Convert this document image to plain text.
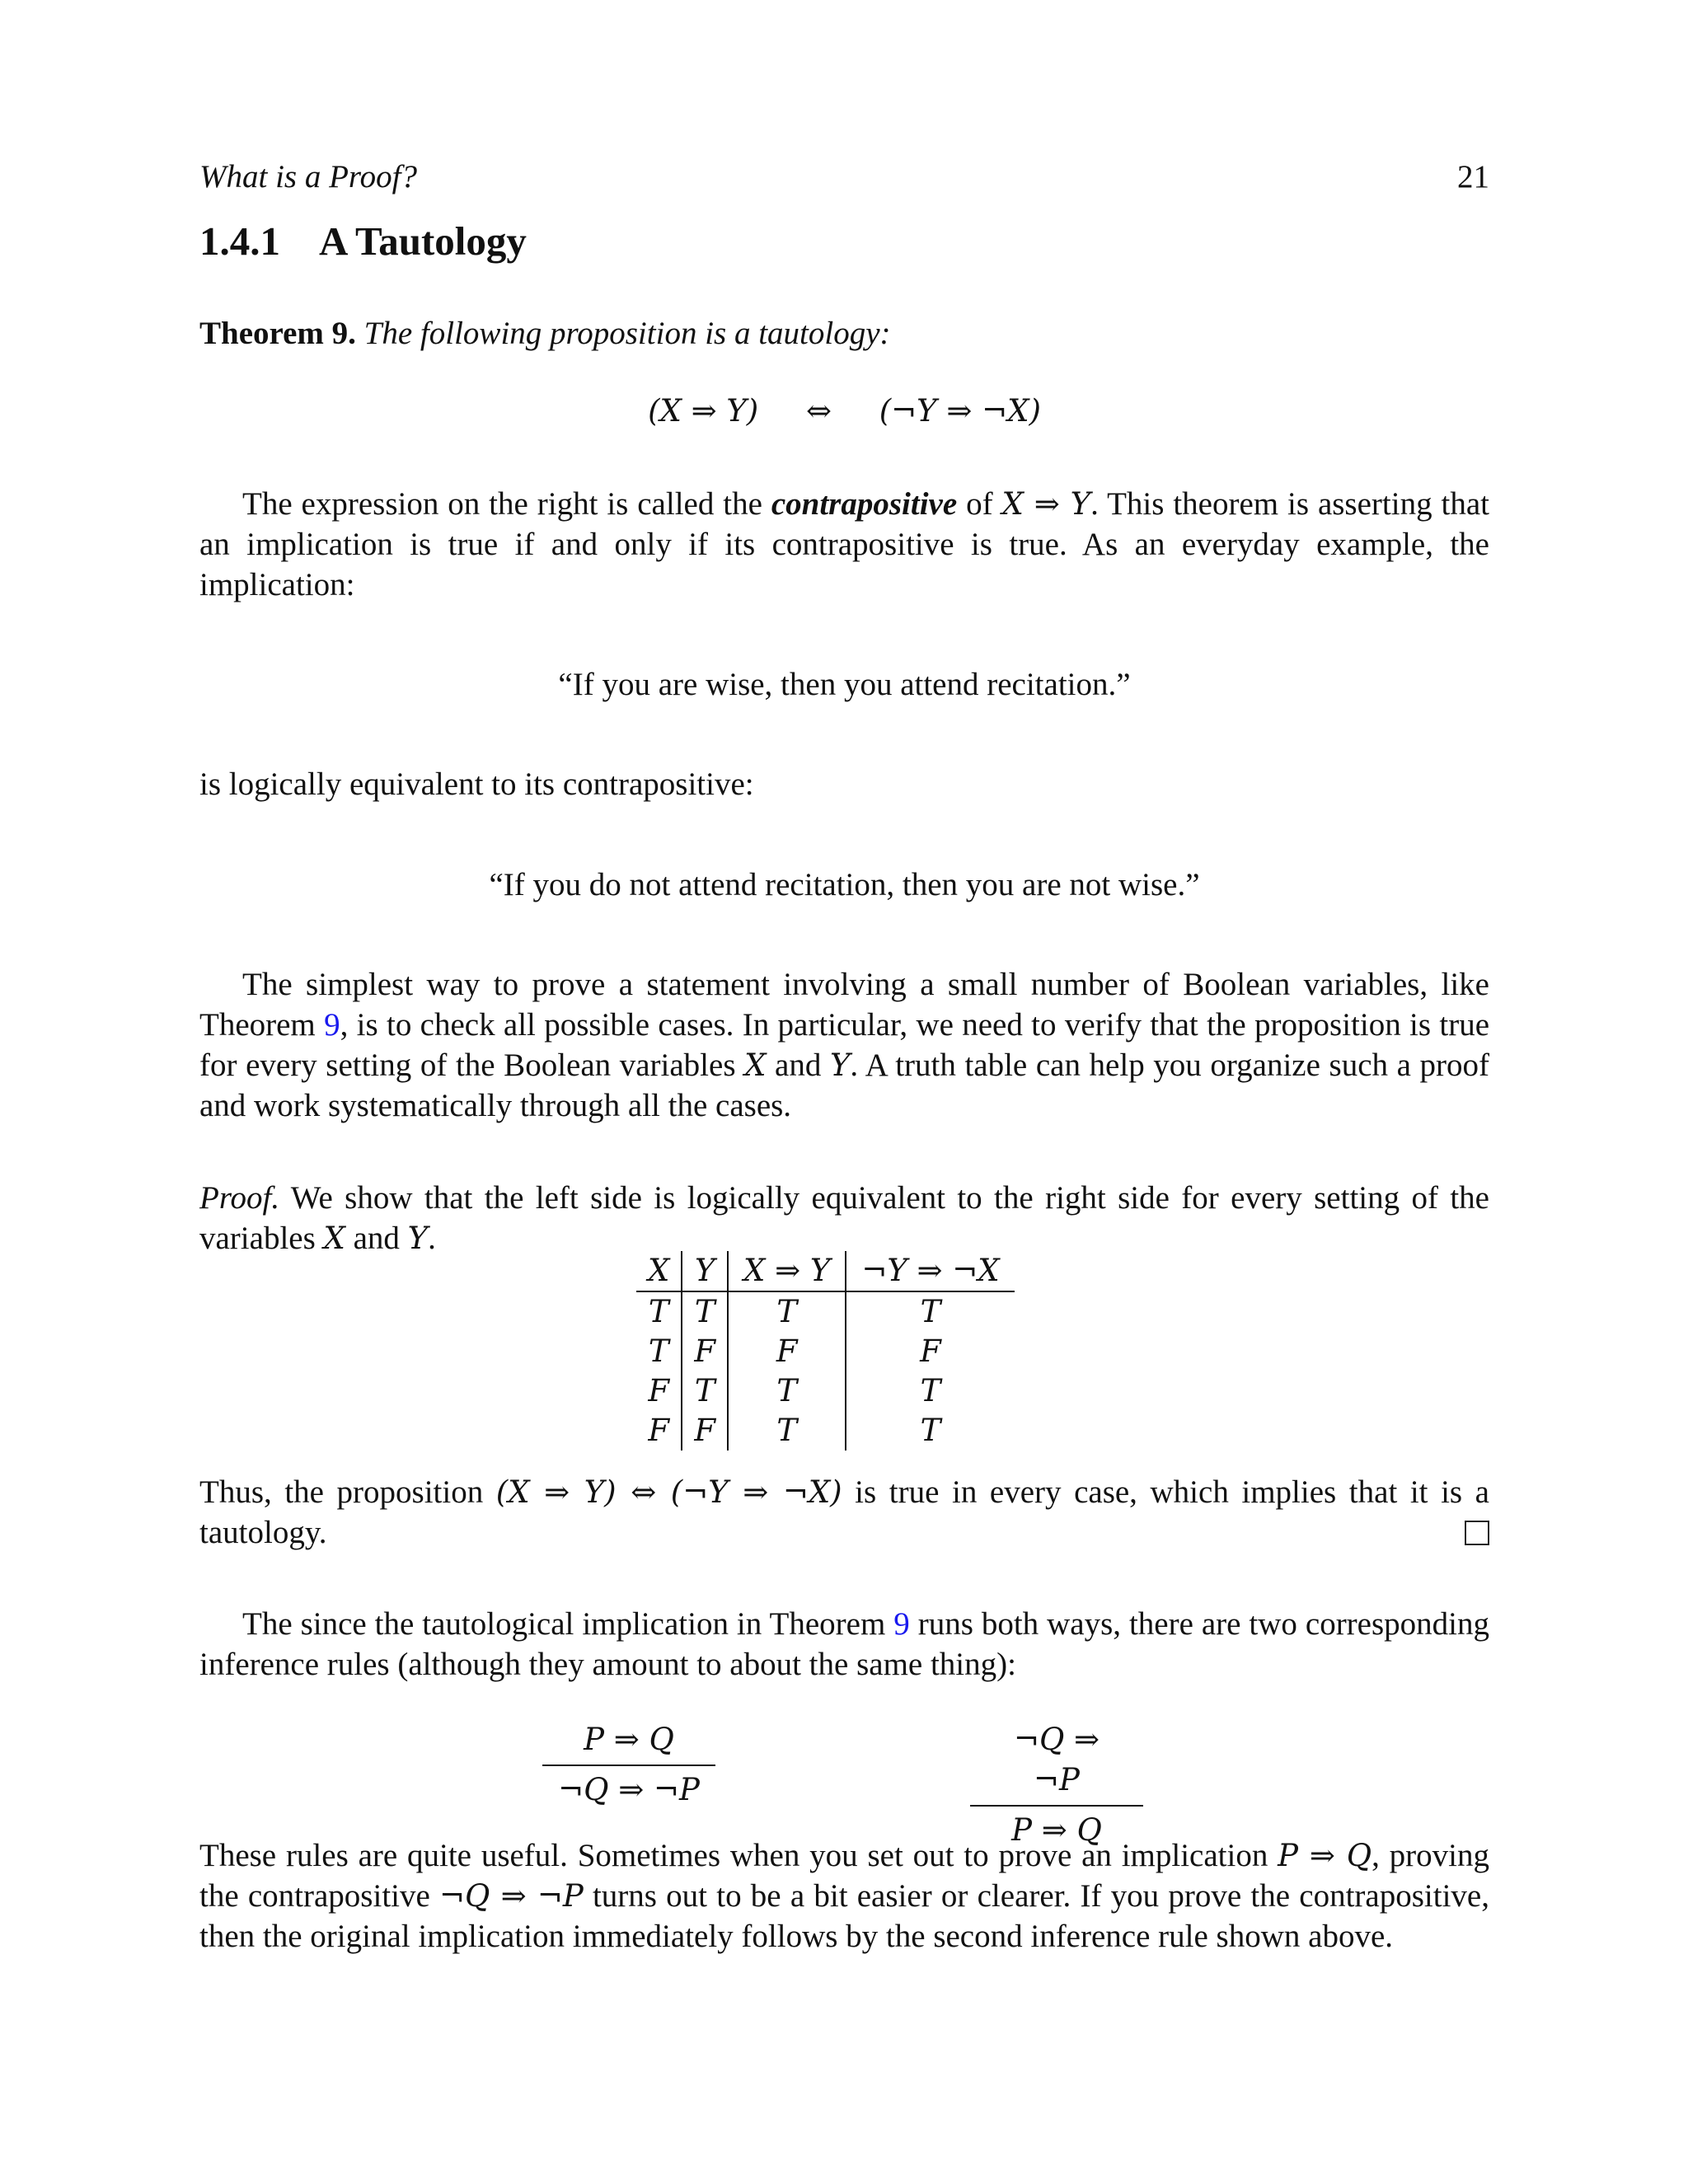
What is a Proof?	21
1.4.1 A Tautology
Theorem 9. The following proposition is a tautology:
(X ⇒ Y) ⇔ (¬Y ⇒ ¬X)
The expression on the right is called the contrapositive of X ⇒ Y. This theorem is asserting that an implication is true if and only if its contrapositive is true. As an everyday example, the implication:
“If you are wise, then you attend recitation.”
is logically equivalent to its contrapositive:
“If you do not attend recitation, then you are not wise.”
The simplest way to prove a statement involving a small number of Boolean variables, like Theorem 9, is to check all possible cases. In particular, we need to verify that the proposition is true for every setting of the Boolean variables X and Y. A truth table can help you organize such a proof and work systematically through all the cases.
Proof. We show that the left side is logically equivalent to the right side for every setting of the variables X and Y.
X	Y	X ⇒ Y	¬Y ⇒ ¬X
T	T	T	T
T	F	F	F
F	T	T	T
F	F	T	T
Thus, the proposition (X ⇒ Y) ⇔ (¬Y ⇒ ¬X) is true in every case, which implies that it is a tautology.
The since the tautological implication in Theorem 9 runs both ways, there are two corresponding inference rules (although they amount to about the same thing):
$\frac{P \Rightarrow Q}{\neg Q \Rightarrow \neg P}$	$\frac{\neg Q \Rightarrow \neg P}{P \Rightarrow Q}$
These rules are quite useful. Sometimes when you set out to prove an implication P ⇒ Q, proving the contrapositive ¬Q ⇒ ¬P turns out to be a bit easier or clearer. If you prove the contrapositive, then the original implication immediately follows by the second inference rule shown above.
